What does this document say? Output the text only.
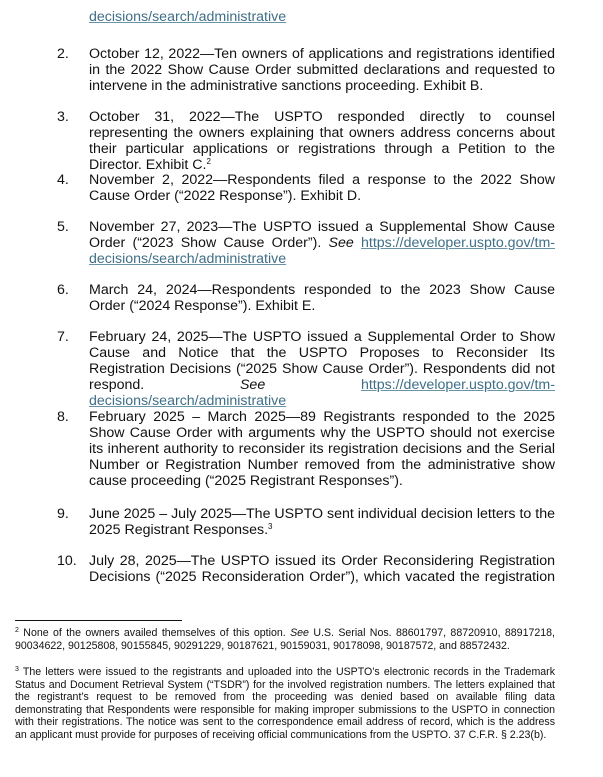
decisions/search/administrative
2.	October 12, 2022—Ten owners of applications and registrations identified in the 2022 Show Cause Order submitted declarations and requested to intervene in the administrative sanctions proceeding. Exhibit B.
3.	October 31, 2022—The USPTO responded directly to counsel representing the owners explaining that owners address concerns about their particular applications or registrations through a Petition to the Director. Exhibit C.$^2$
4.	November 2, 2022—Respondents filed a response to the 2022 Show Cause Order (“2022 Response”). Exhibit D.
5.	November 27, 2023—The USPTO issued a Supplemental Show Cause Order (“2023 Show Cause Order”). See https://developer.uspto.gov/tm-decisions/search/administrative
6.	March 24, 2024—Respondents responded to the 2023 Show Cause Order (“2024 Response”). Exhibit E.
7.	February 24, 2025—The USPTO issued a Supplemental Order to Show Cause and Notice that the USPTO Proposes to Reconsider Its Registration Decisions (“2025 Show Cause Order”). Respondents did not respond.	See	https://developer.uspto.gov/tm-decisions/search/administrative
8.	February 2025 – March 2025—89 Registrants responded to the 2025 Show Cause Order with arguments why the USPTO should not exercise its inherent authority to reconsider its registration decisions and the Serial Number or Registration Number removed from the administrative show cause proceeding (“2025 Registrant Responses”).
9.	June 2025 – July 2025—The USPTO sent individual decision letters to the 2025 Registrant Responses.$^3$
10. July 28, 2025—The USPTO issued its Order Reconsidering Registration Decisions (“2025 Reconsideration Order”), which vacated the registration
$^2$ None of the owners availed themselves of this option. See U.S. Serial Nos. 88601797, 88720910, 88917218, 90034622, 90125808, 90155845, 90291229, 90187621, 90159031, 90178098, 90187572, and 88572432.
$^3$ The letters were issued to the registrants and uploaded into the USPTO’s electronic records in the Trademark Status and Document Retrieval System (“TSDR”) for the involved registration numbers. The letters explained that the registrant’s request to be removed from the proceeding was denied based on available filing data demonstrating that Respondents were responsible for making improper submissions to the USPTO in connection with their registrations. The notice was sent to the correspondence email address of record, which is the address an applicant must provide for purposes of receiving official communications from the USPTO. 37 C.F.R. § 2.23(b).
